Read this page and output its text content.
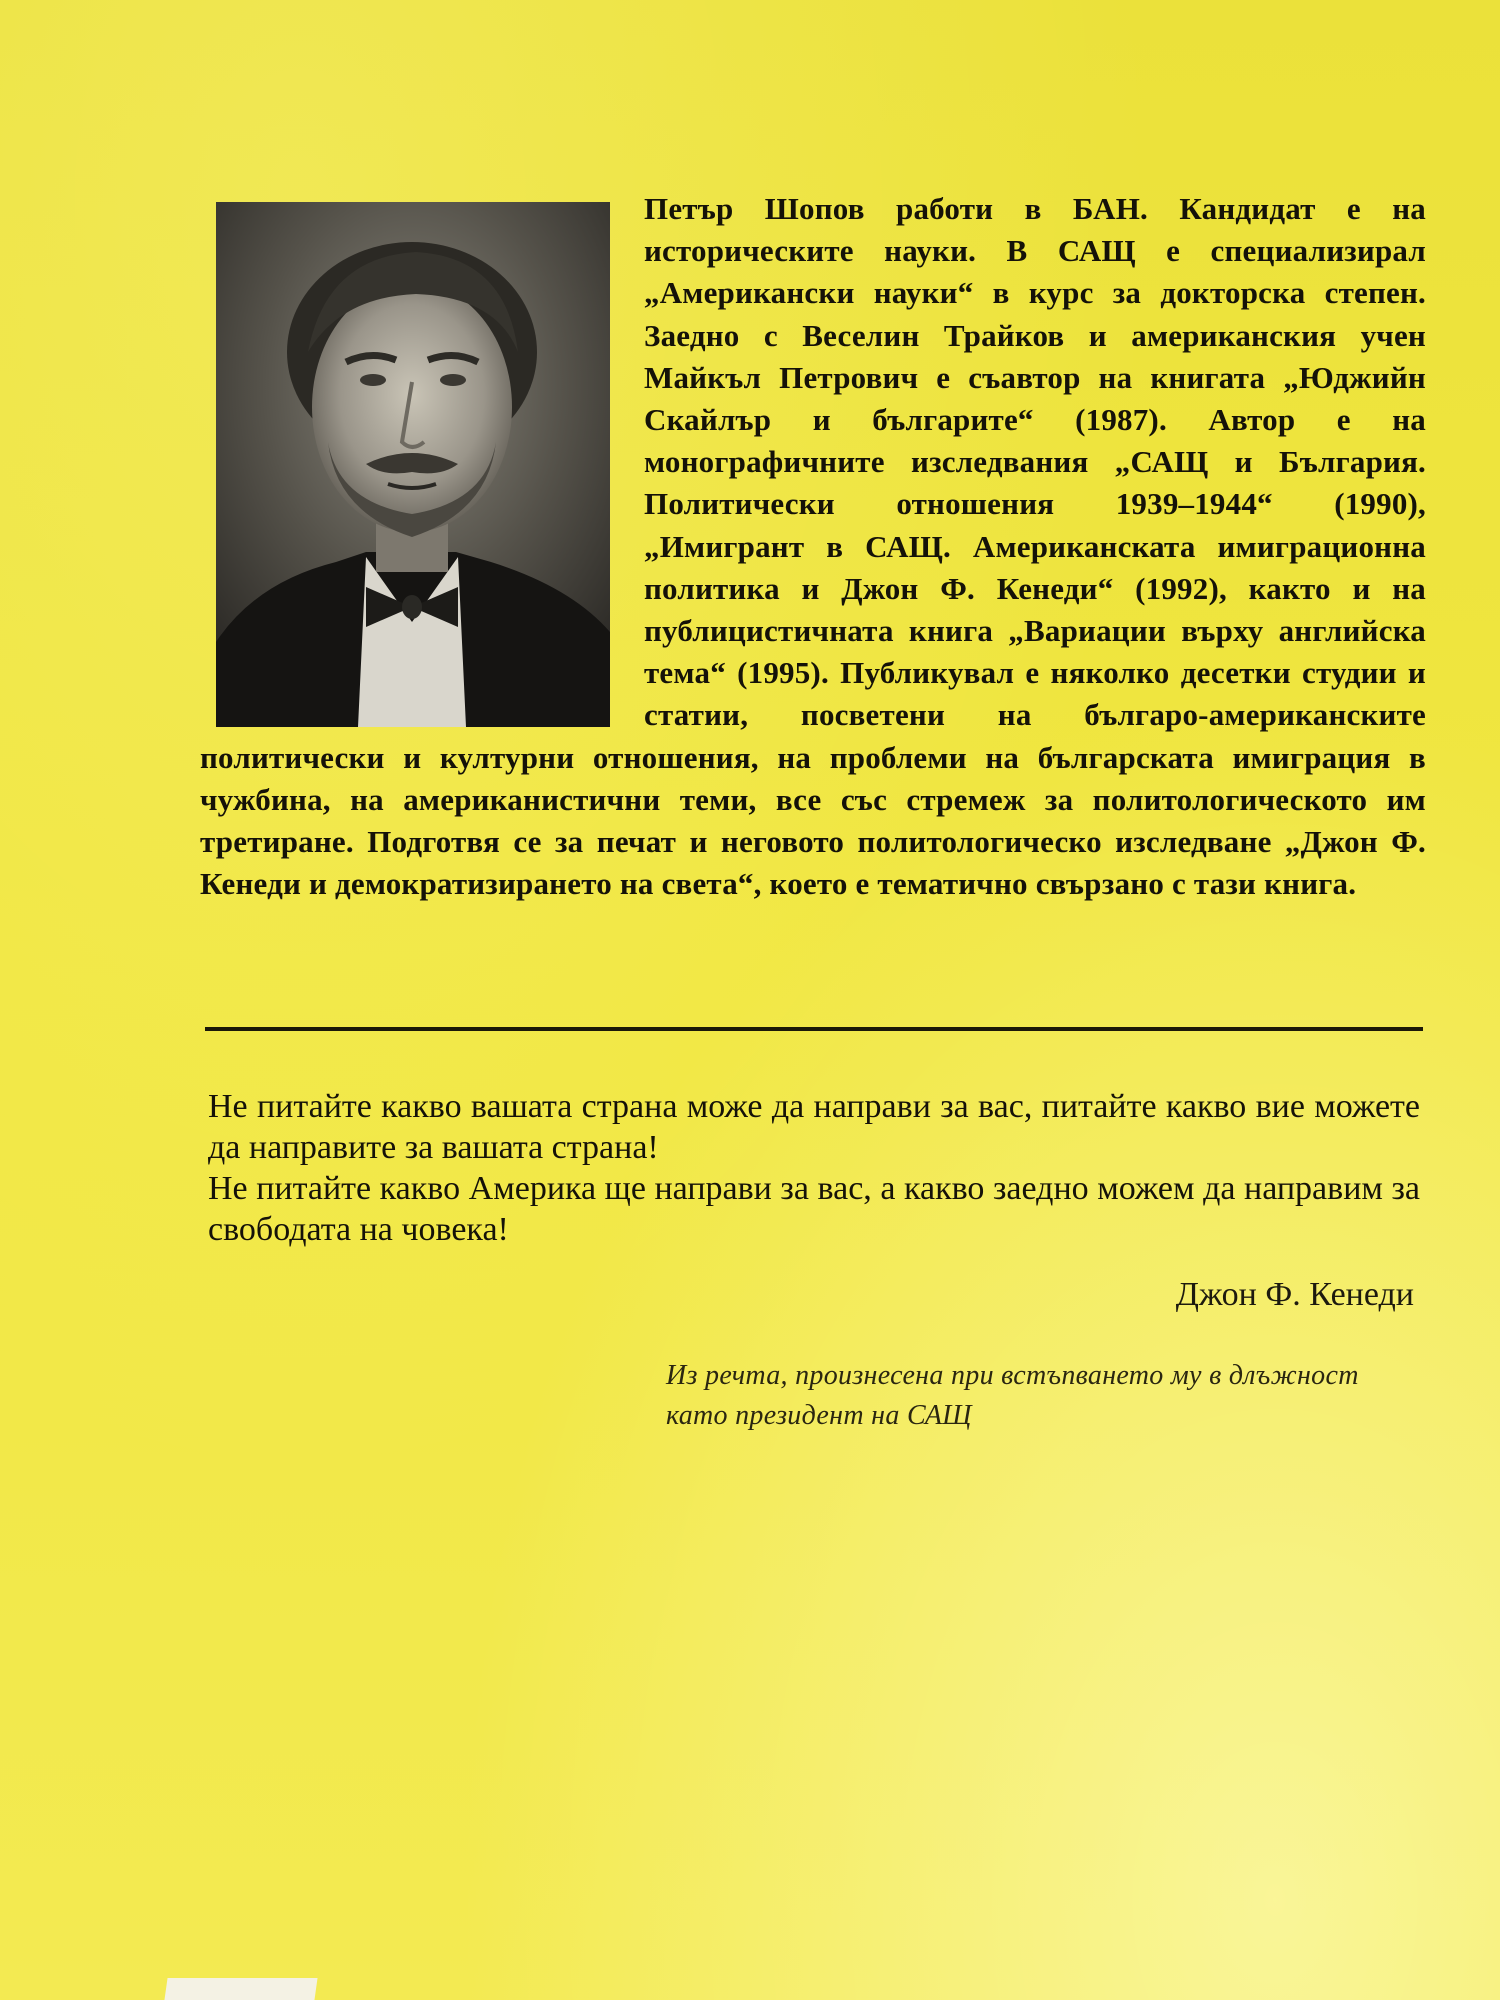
Петър Шопов работи в БАН. Кандидат е на историческите науки. В САЩ е специализирал „Американски науки“ в курс за докторска степен. Заедно с Веселин Трайков и американския учен Майкъл Петрович е съавтор на книгата „Юджийн Скайлър и българите“ (1987). Автор е на монографичните изследвания „САЩ и България. Политически отношения 1939–1944“ (1990), „Имигрант в САЩ. Американската имиграционна политика и Джон Ф. Кенеди“ (1992), както и на публицистичната книга „Вариации върху английска тема“ (1995). Публикувал е няколко десетки студии и статии, посветени на българо-американските политически и културни отношения, на проблеми на българската имиграция в чужбина, на американистични теми, все със стремеж за политологическото им третиране. Подготвя се за печат и неговото политологическо изследване „Джон Ф. Кенеди и демократизирането на света“, което е тематично свързано с тази книга.

Не питайте какво вашата страна може да направи за вас, питайте какво вие можете да направите за вашата страна!

Не питайте какво Америка ще направи за вас, а какво заедно можем да направим за свободата на човека!

Джон Ф. Кенеди
Из речта, произнесена при встъпването му в длъжност като президент на САЩ
